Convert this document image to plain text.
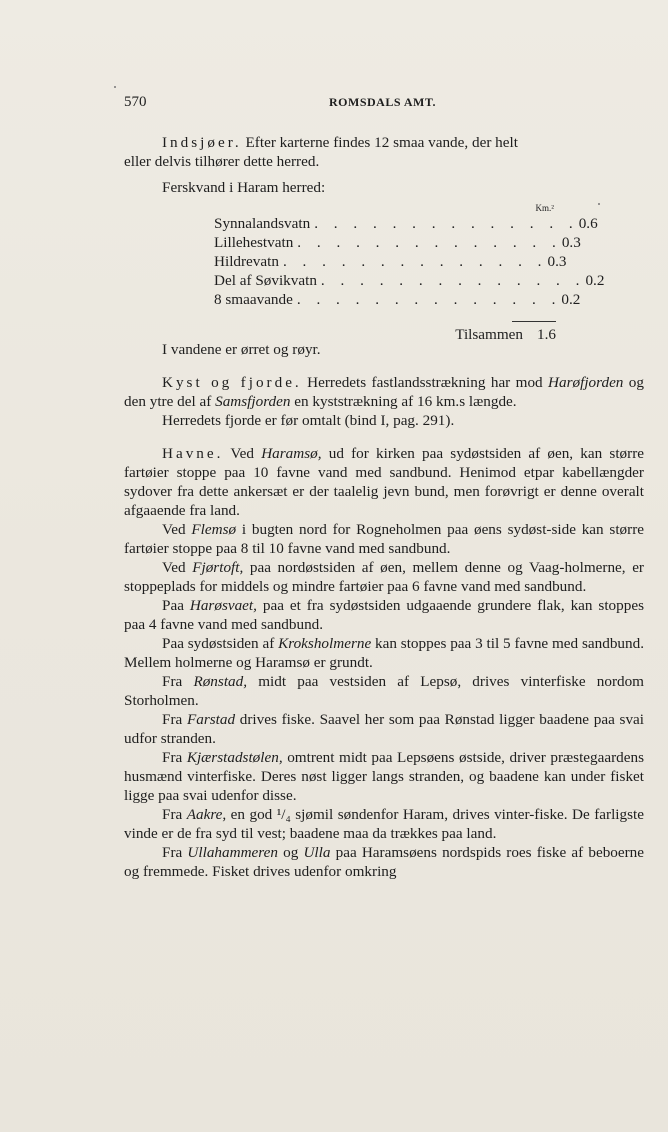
570	ROMSDALS AMT.

Indsjøer. Efter karterne findes 12 smaa vande, der helt

eller delvis tilhører dette herred.

Ferskvand i Haram herred:

Km.²
Synnalandsvatn . . . . . . . . . . . . . . 0.6
Lillehestvatn . . . . . . . . . . . . . . 0.3
Hildrevatn . . . . . . . . . . . . . . 0.3
Del af Søvikvatn . . . . . . . . . . . . . . 0.2
8 smaavande . . . . . . . . . . . . . . 0.2
Tilsammen 1.6

I vandene er ørret og røyr.

Kyst og fjorde. Herredets fastlandsstrækning har mod Harøfjorden og den ytre del af Samsfjorden en kyststrækning af 16 km.s længde.

Herredets fjorde er før omtalt (bind I, pag. 291).

Havne. Ved Haramsø, ud for kirken paa sydøstsiden af øen, kan større fartøier stoppe paa 10 favne vand med sandbund. Henimod etpar kabellængder sydover fra dette ankersæt er der taalelig jevn bund, men forøvrigt er denne overalt afgaaende fra land.

Ved Flemsø i bugten nord for Rogneholmen paa øens sydøst-side kan større fartøier stoppe paa 8 til 10 favne vand med sandbund.

Ved Fjørtoft, paa nordøstsiden af øen, mellem denne og Vaag-holmerne, er stoppeplads for middels og mindre fartøier paa 6 favne vand med sandbund.

Paa Harøsvaet, paa et fra sydøstsiden udgaaende grundere flak, kan stoppes paa 4 favne vand med sandbund.

Paa sydøstsiden af Kroksholmerne kan stoppes paa 3 til 5 favne med sandbund. Mellem holmerne og Haramsø er grundt.

Fra Rønstad, midt paa vestsiden af Lepsø, drives vinterfiske nordom Storholmen.

Fra Farstad drives fiske. Saavel her som paa Rønstad ligger baadene paa svai udfor stranden.

Fra Kjærstadstølen, omtrent midt paa Lepsøens østside, driver præstegaardens husmænd vinterfiske. Deres nøst ligger langs stranden, og baadene kan under fisket ligge paa svai udenfor disse.

Fra Aakre, en god ¹/₄ sjømil søndenfor Haram, drives vinter-fiske. De farligste vinde er de fra syd til vest; baadene maa da trækkes paa land.

Fra Ullahammeren og Ulla paa Haramsøens nordspids roes fiske af beboerne og fremmede. Fisket drives udenfor omkring
